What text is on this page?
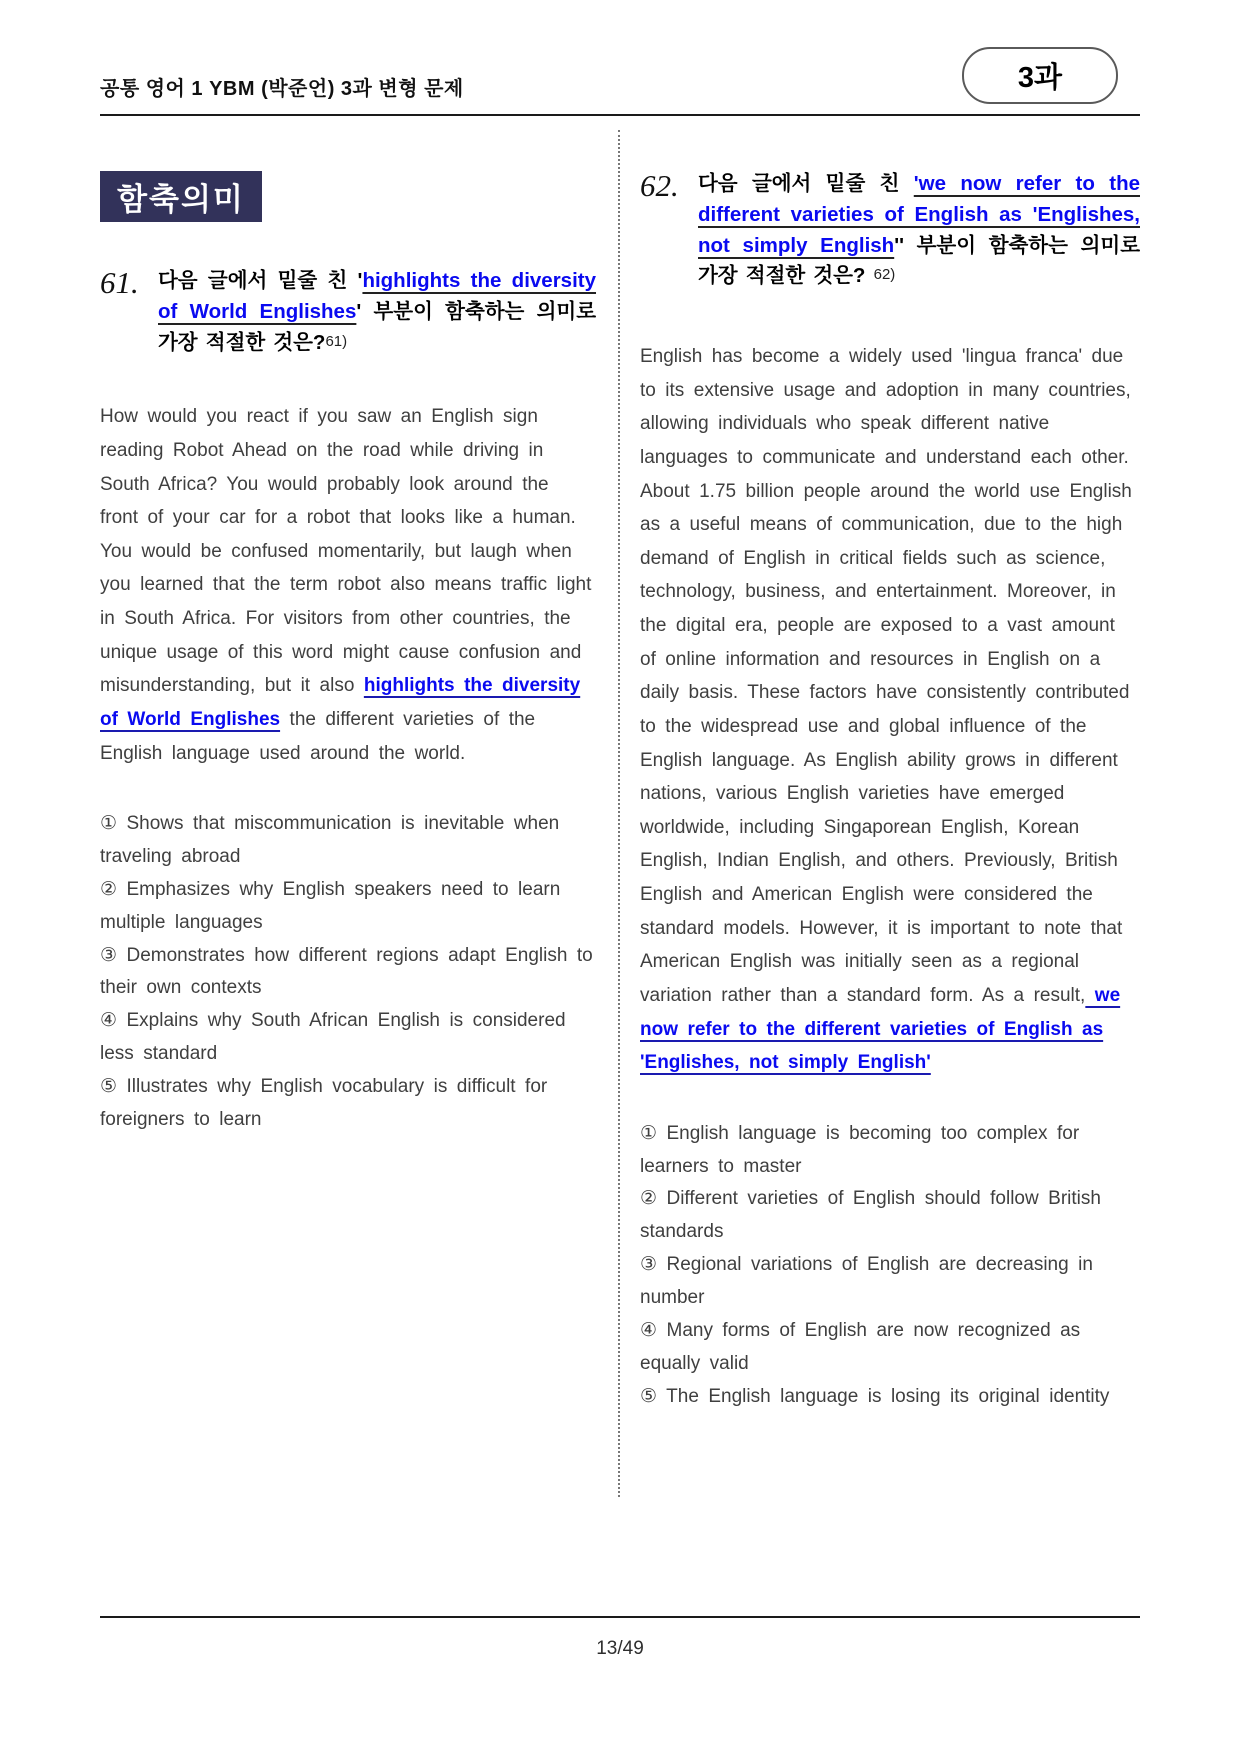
공통 영어 1 YBM (박준언) 3과 변형 문제	3과
함축의미
61. 다음 글에서 밑줄 친 'highlights the diversity of World Englishes' 부분이 함축하는 의미로 가장 적절한 것은?61)
How would you react if you saw an English sign reading Robot Ahead on the road while driving in South Africa? You would probably look around the front of your car for a robot that looks like a human. You would be confused momentarily, but laugh when you learned that the term robot also means traffic light in South Africa. For visitors from other countries, the unique usage of this word might cause confusion and misunderstanding, but it also highlights the diversity of World Englishes the different varieties of the English language used around the world.
① Shows that miscommunication is inevitable when traveling abroad
② Emphasizes why English speakers need to learn multiple languages
③ Demonstrates how different regions adapt English to their own contexts
④ Explains why South African English is considered less standard
⑤ Illustrates why English vocabulary is difficult for foreigners to learn
62. 다음 글에서 밑줄 친 'we now refer to the different varieties of English as 'Englishes, not simply English'' 부분이 함축하는 의미로 가장 적절한 것은? 62)
English has become a widely used 'lingua franca' due to its extensive usage and adoption in many countries, allowing individuals who speak different native languages to communicate and understand each other. About 1.75 billion people around the world use English as a useful means of communication, due to the high demand of English in critical fields such as science, technology, business, and entertainment. Moreover, in the digital era, people are exposed to a vast amount of online information and resources in English on a daily basis. These factors have consistently contributed to the widespread use and global influence of the English language. As English ability grows in different nations, various English varieties have emerged worldwide, including Singaporean English, Korean English, Indian English, and others. Previously, British English and American English were considered the standard models. However, it is important to note that American English was initially seen as a regional variation rather than a standard form. As a result, we now refer to the different varieties of English as 'Englishes, not simply English'
① English language is becoming too complex for learners to master
② Different varieties of English should follow British standards
③ Regional variations of English are decreasing in number
④ Many forms of English are now recognized as equally valid
⑤ The English language is losing its original identity
13/49
